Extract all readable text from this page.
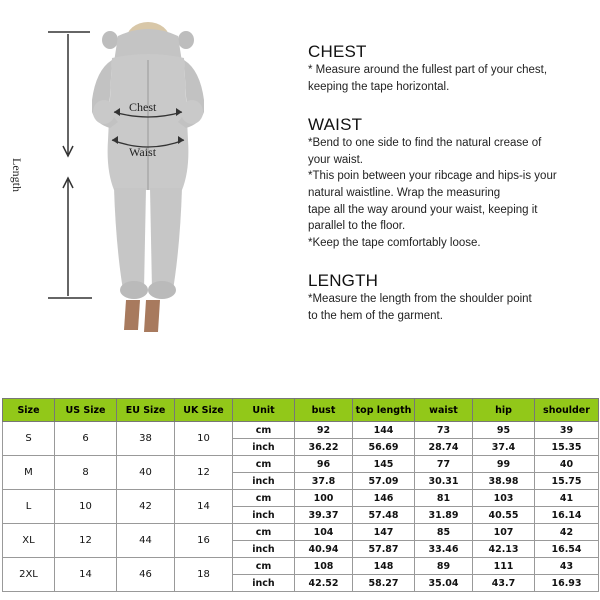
Chest
Waist
Length
CHEST
* Measure around the fullest part of your chest,
keeping the tape horizontal.
WAIST
*Bend to one side to find the natural crease of
your waist.
*This poin between your ribcage and hips-is your
natural waistline. Wrap the measuring
tape all the way around your waist, keeping it
parallel to the floor.
*Keep the tape comfortably loose.
LENGTH
*Measure the length from the shoulder point
to the hem of the garment.
Size	US Size	EU Size	UK Size	Unit	bust	top length	waist	hip	shoulder
S	6	38	10	cm	92	144	73	95	39
				inch	36.22	56.69	28.74	37.4	15.35
M	8	40	12	cm	96	145	77	99	40
				inch	37.8	57.09	30.31	38.98	15.75
L	10	42	14	cm	100	146	81	103	41
				inch	39.37	57.48	31.89	40.55	16.14
XL	12	44	16	cm	104	147	85	107	42
				inch	40.94	57.87	33.46	42.13	16.54
2XL	14	46	18	cm	108	148	89	111	43
				inch	42.52	58.27	35.04	43.7	16.93
